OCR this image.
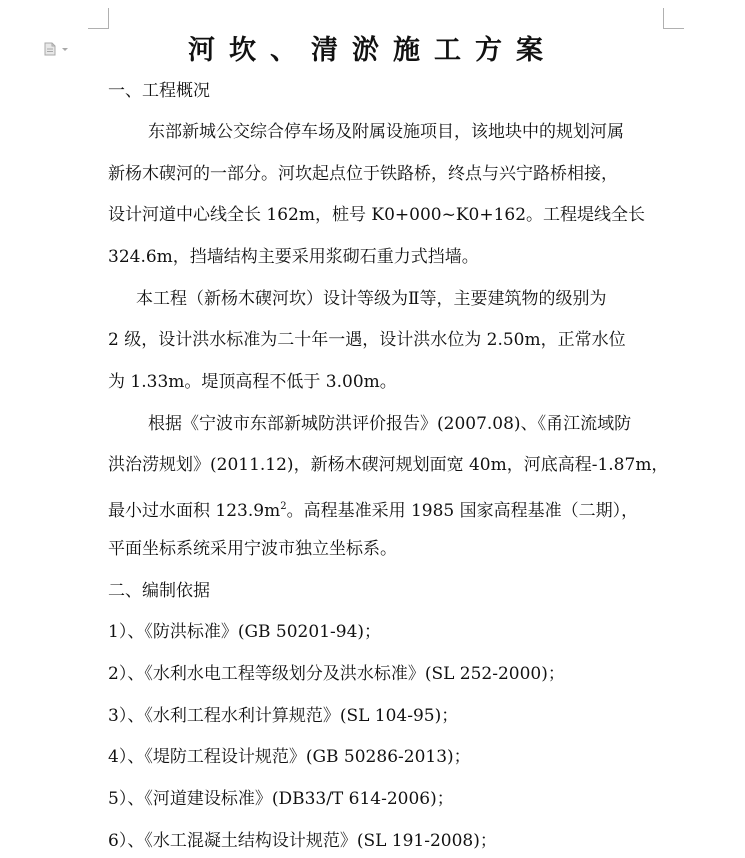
河坎、清淤施工方案
一、工程概况
东部新城公交综合停车场及附属设施项目，该地块中的规划河属
新杨木碶河的一部分。河坎起点位于铁路桥，终点与兴宁路桥相接，
设计河道中心线全长 162m，桩号 K0+000~K0+162。工程堤线全长
324.6m，挡墙结构主要采用浆砌石重力式挡墙。
本工程（新杨木碶河坎）设计等级为Ⅱ等，主要建筑物的级别为
2 级，设计洪水标准为二十年一遇，设计洪水位为 2.50m，正常水位
为 1.33m。堤顶高程不低于 3.00m。
根据《宁波市东部新城防洪评价报告》(2007.08)、《甬江流域防
洪治涝规划》(2011.12)，新杨木碶河规划面宽 40m，河底高程-1.87m，
最小过水面积 $123.9m^2$。高程基准采用 1985 国家高程基准（二期），
平面坐标系统采用宁波市独立坐标系。
二、编制依据
1）、《防洪标准》(GB 50201-94)；
2）、《水利水电工程等级划分及洪水标准》(SL 252-2000)；
3）、《水利工程水利计算规范》(SL 104-95)；
4）、《堤防工程设计规范》(GB 50286-2013)；
5）、《河道建设标准》(DB33/T 614-2006)；
6）、《水工混凝土结构设计规范》(SL 191-2008)；
